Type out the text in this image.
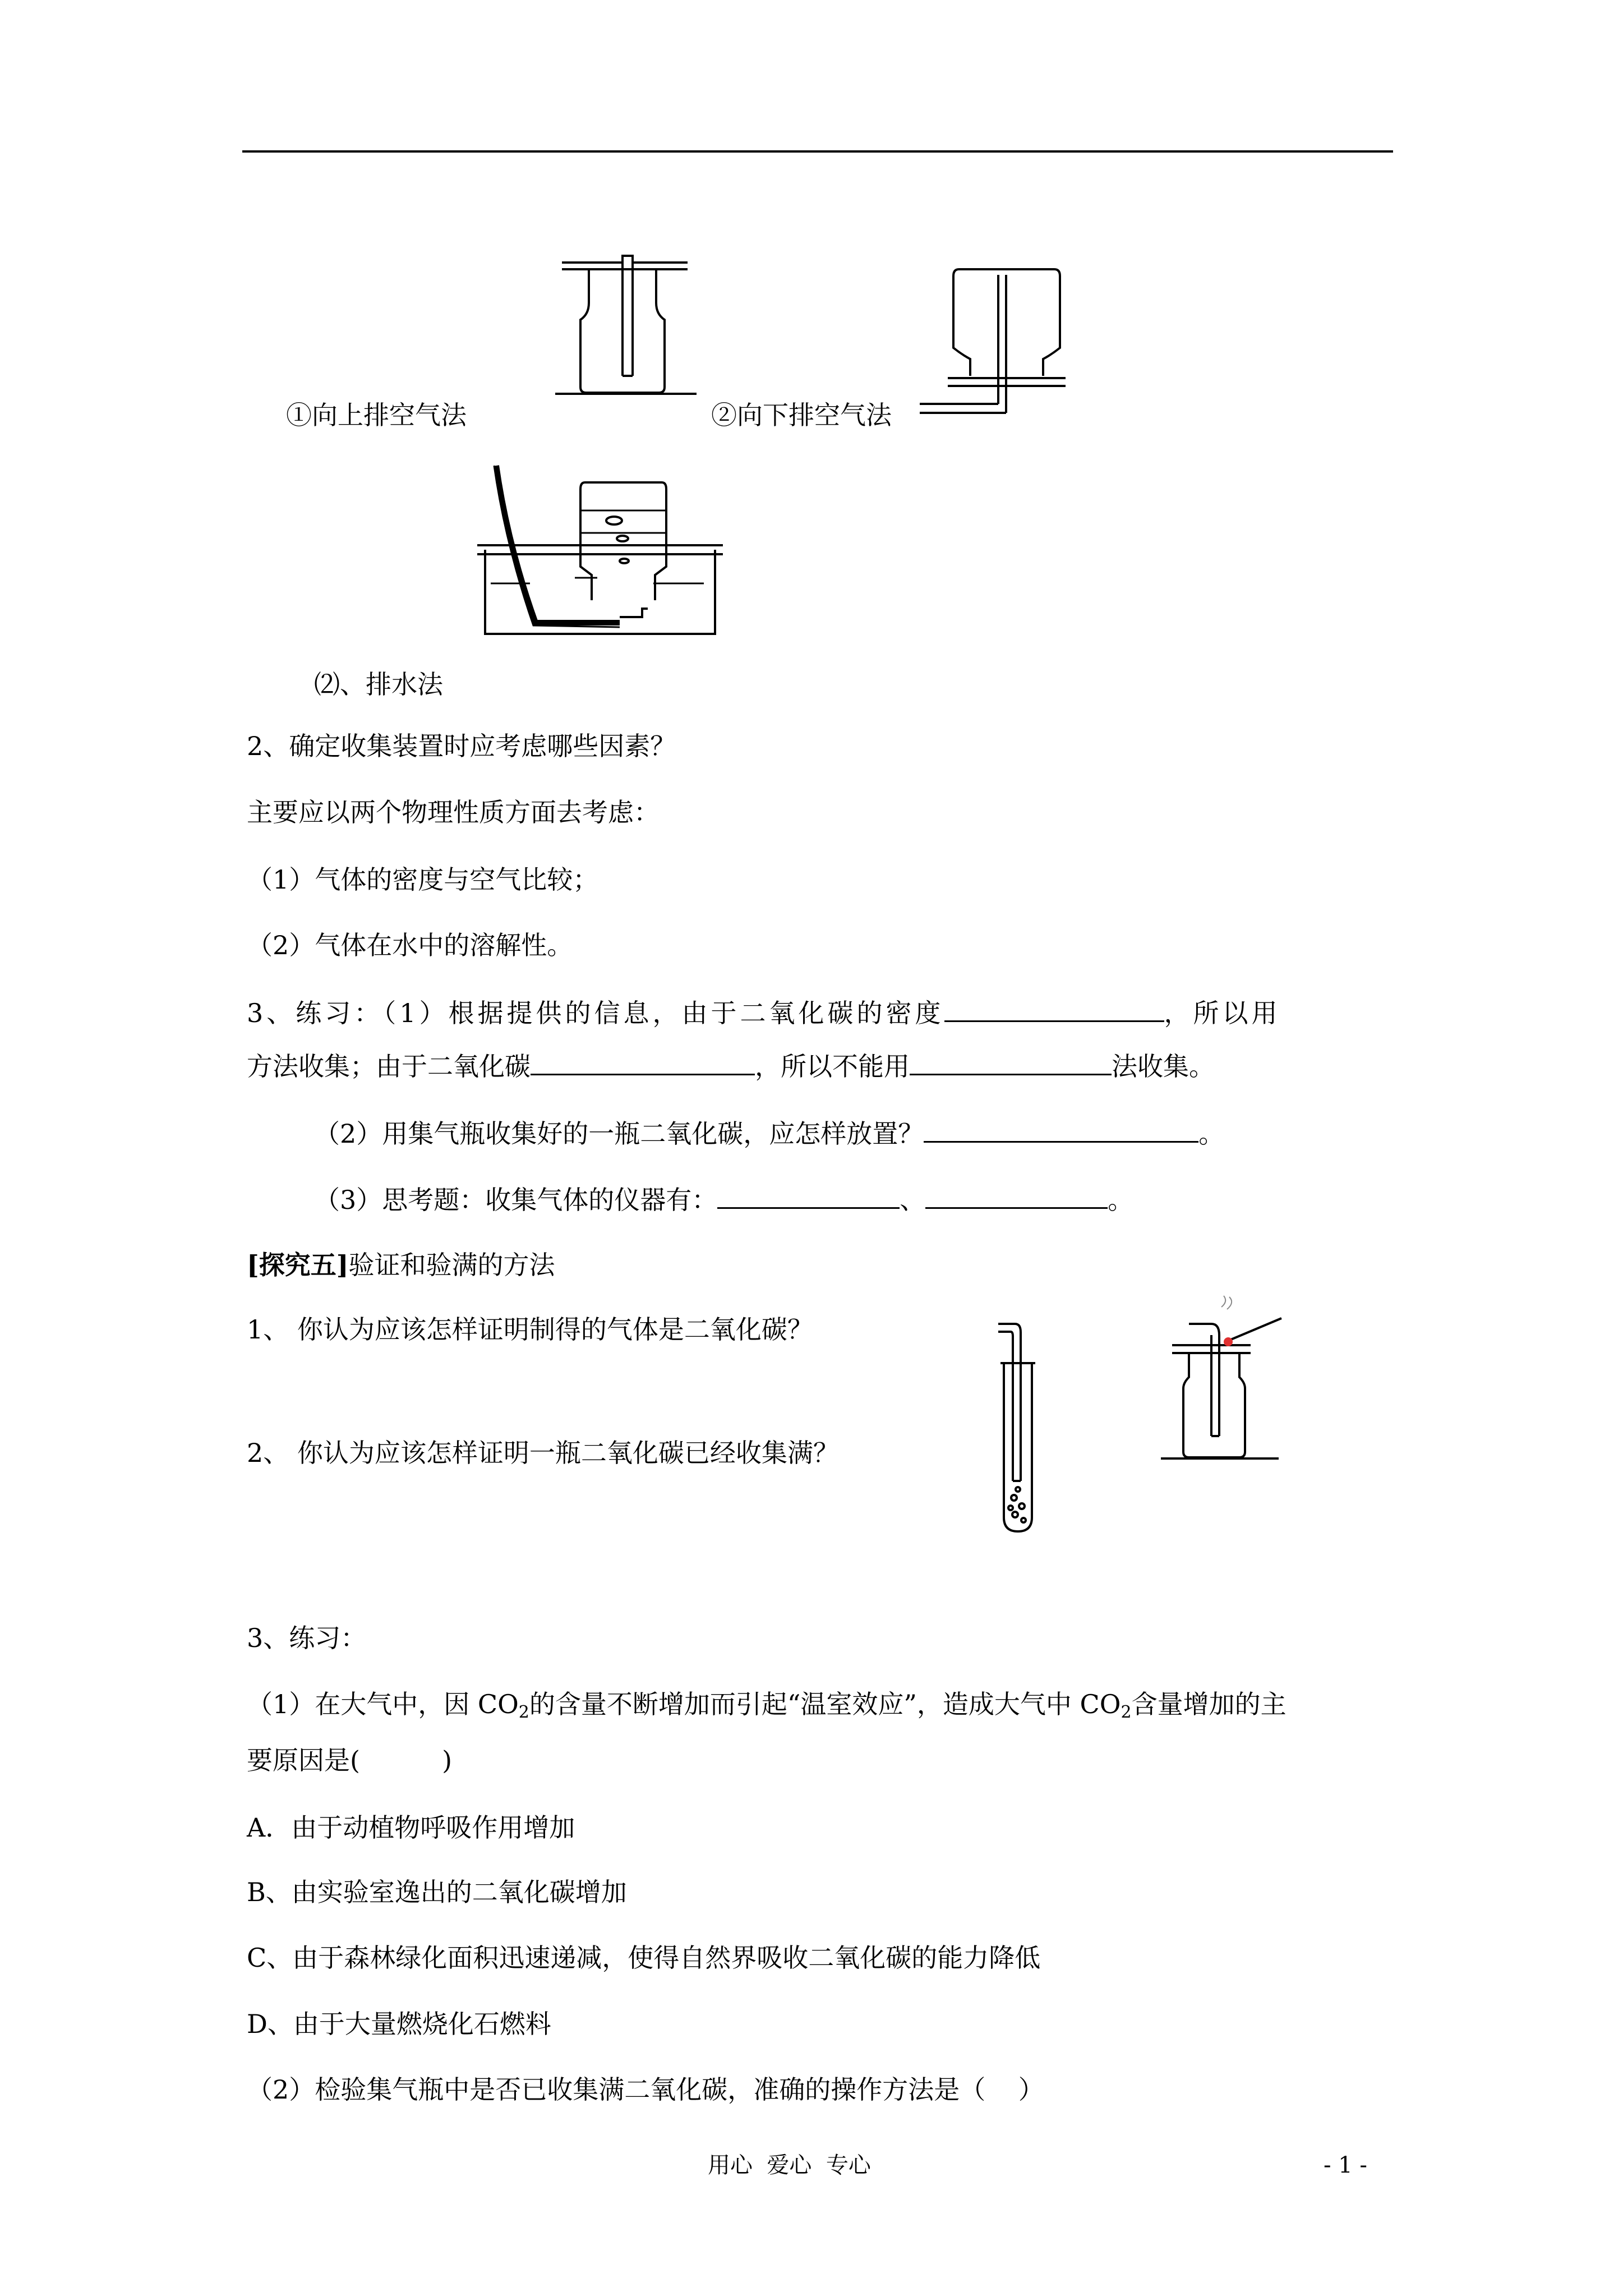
①向上排空气法	②向下排空气法
⑵、排水法
2、确定收集装置时应考虑哪些因素？
主要应以两个物理性质方面去考虑：
（1）气体的密度与空气比较；
（2）气体在水中的溶解性。
3、练习：（1）根据提供的信息，由于二氧化碳的密度	，所以用
方法收集；由于二氧化碳	，所以不能用	法收集。
（2）用集气瓶收集好的一瓶二氧化碳，应怎样放置？	。
（3）思考题：收集气体的仪器有：	、	。
[探究五]验证和验满的方法
1、 你认为应该怎样证明制得的气体是二氧化碳？
2、 你认为应该怎样证明一瓶二氧化碳已经收集满？
3、练习：
（1）在大气中，因 $CO_2$的含量不断增加而引起“温室效应”，造成大气中 $CO_2$含量增加的主
要原因是(          )
A．由于动植物呼吸作用增加
B、由实验室逸出的二氧化碳增加
C、由于森林绿化面积迅速递减，使得自然界吸收二氧化碳的能力降低
D、由于大量燃烧化石燃料
（2）检验集气瓶中是否已收集满二氧化碳，准确的操作方法是（    ）
用心  爱心  专心	- 1 -
